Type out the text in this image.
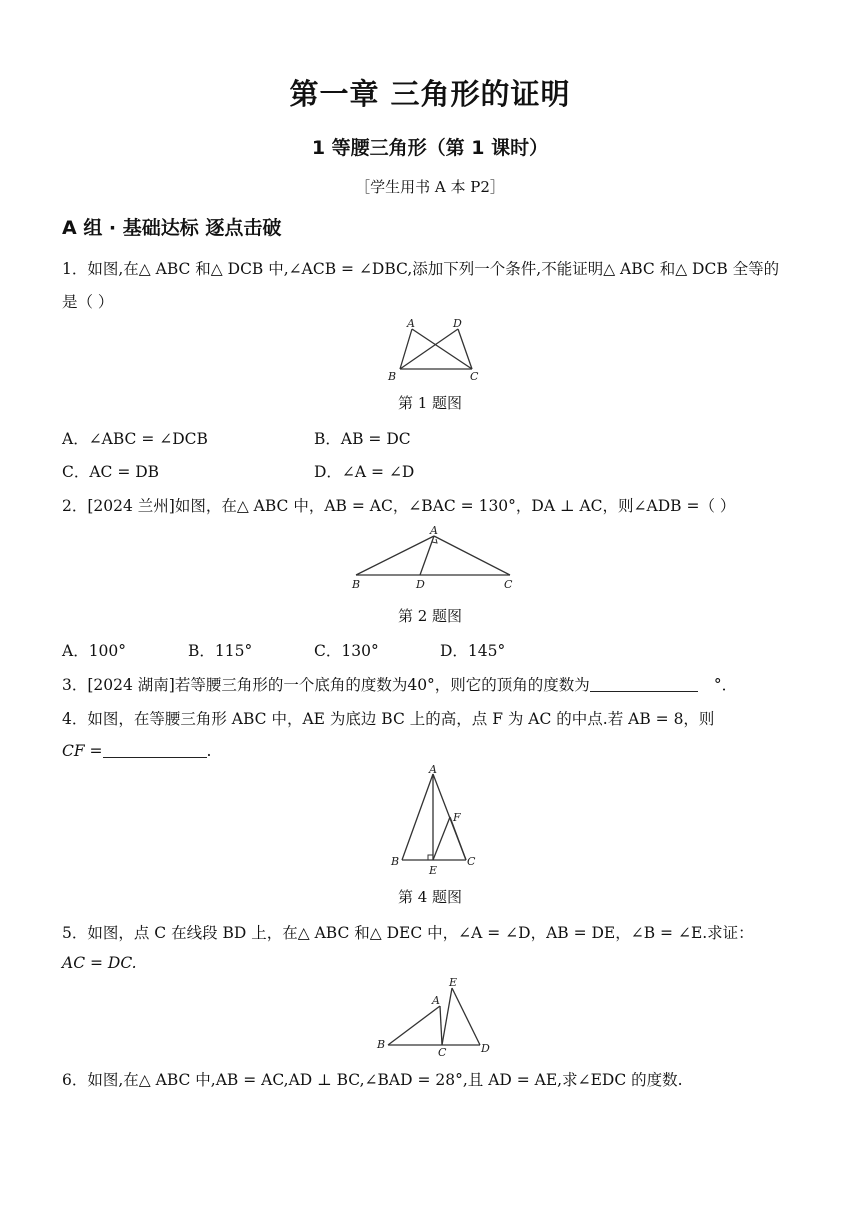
第一章 三角形的证明
1 等腰三角形（第 1 课时）
［学生用书 A 本 P2］
A 组 · 基础达标 逐点击破
1．如图,在△ ABC 和△ DCB 中,∠ACB = ∠DBC,添加下列一个条件,不能证明△ ABC 和△ DCB 全等的
是（ ）
A	D
B	C
第 1 题图
A．∠ABC = ∠DCB	B．AB = DC
C．AC = DB	D．∠A = ∠D
2．[2024 兰州]如图，在△ ABC 中，AB = AC，∠BAC = 130°，DA ⊥ AC，则∠ADB =（ ）
A
B	D	C
第 2 题图
A．100°	B．115°	C．130°	D．145°
3．[2024 湖南]若等腰三角形的一个底角的度数为40°，则它的顶角的度数为	°．
4．如图，在等腰三角形 ABC 中，AE 为底边 BC 上的高，点 F 为 AC 的中点.若 AB = 8，则
CF =	.
A
F
B
E
C
第 4 题图
5．如图，点 C 在线段 BD 上，在△ ABC 和△ DEC 中，∠A = ∠D，AB = DE，∠B = ∠E.求证：
AC = DC.
A
E
B
C	D
6．如图,在△ ABC 中,AB = AC,AD ⊥ BC,∠BAD = 28°,且 AD = AE,求∠EDC 的度数.
